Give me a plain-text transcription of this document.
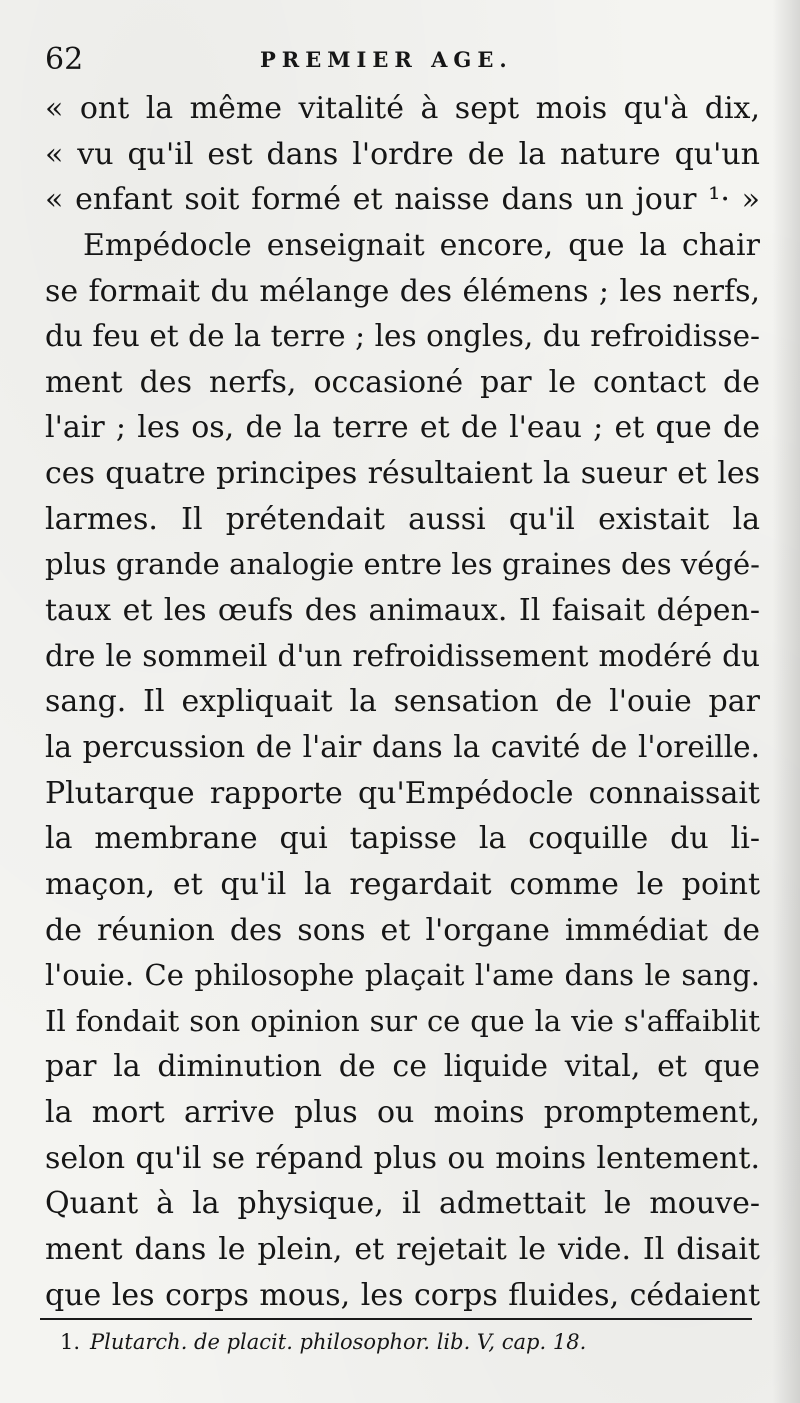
62	PREMIER AGE.
« ont la même vitalité à sept mois qu'à dix,
« vu qu'il est dans l'ordre de la nature qu'un
« enfant soit formé et naisse dans un jour ¹· »
Empédocle enseignait encore, que la chair
se formait du mélange des élémens ; les nerfs,
du feu et de la terre ; les ongles, du refroidisse-
ment des nerfs, occasioné par le contact de
l'air ; les os, de la terre et de l'eau ; et que de
ces quatre principes résultaient la sueur et les
larmes. Il prétendait aussi qu'il existait la
plus grande analogie entre les graines des végé-
taux et les œufs des animaux. Il faisait dépen-
dre le sommeil d'un refroidissement modéré du
sang. Il expliquait la sensation de l'ouie par
la percussion de l'air dans la cavité de l'oreille.
Plutarque rapporte qu'Empédocle connaissait
la membrane qui tapisse la coquille du li-
maçon, et qu'il la regardait comme le point
de réunion des sons et l'organe immédiat de
l'ouie. Ce philosophe plaçait l'ame dans le sang.
Il fondait son opinion sur ce que la vie s'affaiblit
par la diminution de ce liquide vital, et que
la mort arrive plus ou moins promptement,
selon qu'il se répand plus ou moins lentement.
Quant à la physique, il admettait le mouve-
ment dans le plein, et rejetait le vide. Il disait
que les corps mous, les corps fluides, cédaient
1. Plutarch. de placit. philosophor. lib. V, cap. 18.
